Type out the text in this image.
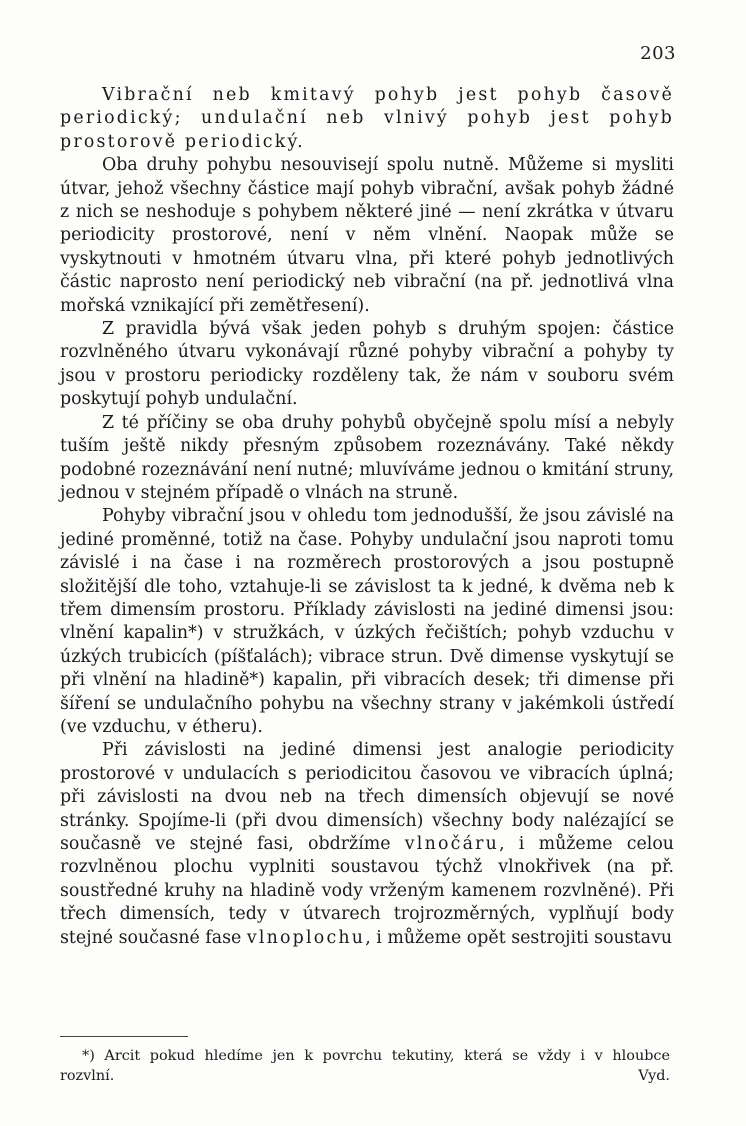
203

Vibrační neb kmitavý pohyb jest pohyb časově periodický; undulační neb vlnivý pohyb jest pohyb prostorově periodický.

Oba druhy pohybu nesouvisejí spolu nutně. Můžeme si mysliti útvar, jehož všechny částice mají pohyb vibrační, avšak pohyb žádné z nich se neshoduje s pohybem některé jiné — není zkrátka v útvaru periodicity prostorové, není v něm vlnění. Naopak může se vyskytnouti v hmotném útvaru vlna, při které pohyb jednotlivých částic naprosto není periodický neb vibrační (na př. jednotlivá vlna mořská vznikající při zemětřesení).

Z pravidla bývá však jeden pohyb s druhým spojen: částice rozvlněného útvaru vykonávají různé pohyby vibrační a pohyby ty jsou v prostoru periodicky rozděleny tak, že nám v souboru svém poskytují pohyb undulační.

Z té příčiny se oba druhy pohybů obyčejně spolu mísí a nebyly tuším ještě nikdy přesným způsobem rozeznávány. Také někdy podobné rozeznávání není nutné; mluvíváme jednou o kmitání struny, jednou v stejném případě o vlnách na struně.

Pohyby vibrační jsou v ohledu tom jednodušší, že jsou závislé na jediné proměnné, totiž na čase. Pohyby undulační jsou naproti tomu závislé i na čase i na rozměrech prostorových a jsou postupně složitější dle toho, vztahuje-li se závislost ta k jedné, k dvěma neb k třem dimensím prostoru. Příklady závislosti na jediné dimensi jsou: vlnění kapalin*) v stružkách, v úzkých řečištích; pohyb vzduchu v úzkých trubicích (píšťalách); vibrace strun. Dvě dimense vyskytují se při vlnění na hladině*) kapalin, při vibracích desek; tři dimense při šíření se undulačního pohybu na všechny strany v jakémkoli ústředí (ve vzduchu, v étheru).

Při závislosti na jediné dimensi jest analogie periodicity prostorové v undulacích s periodicitou časovou ve vibracích úplná; při závislosti na dvou neb na třech dimensích objevují se nové stránky. Spojíme-li (při dvou dimensích) všechny body nalézající se současně ve stejné fasi, obdržíme vlnočáru, i můžeme celou rozvlněnou plochu vyplniti soustavou týchž vlnokřivek (na př. soustředné kruhy na hladině vody vrženým kamenem rozvlněné). Při třech dimensích, tedy v útvarech trojrozměrných, vyplňují body stejné současné fase vlnoplochu, i můžeme opět sestrojiti soustavu

*) Arcit pokud hledíme jen k povrchu tekutiny, která se vždy i v hloubce
rozvlní.	Vyd.
